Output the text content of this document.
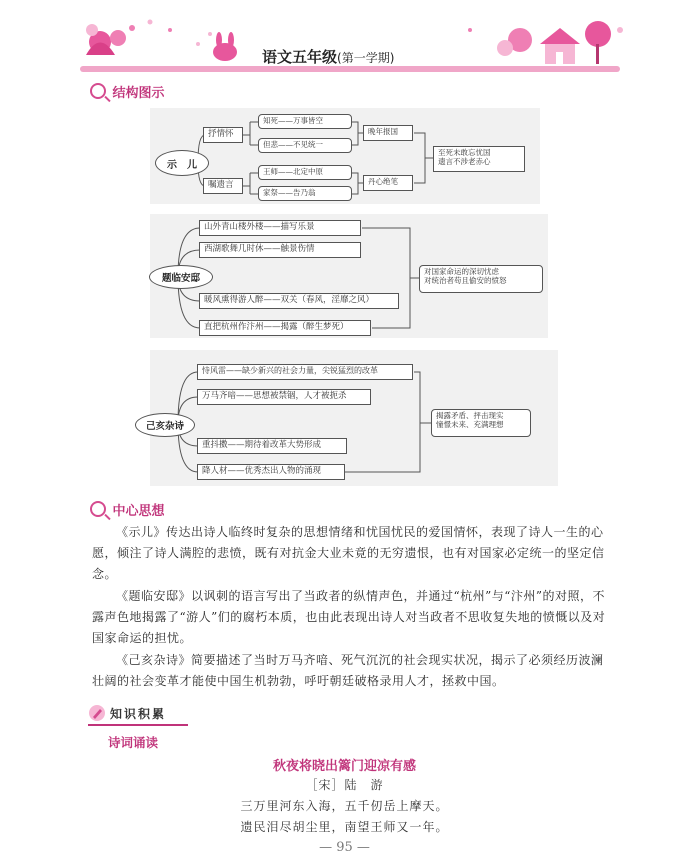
语文五年级(第一学期)
结构图示
示　儿
抒情怀
嘱遗言
知死——万事皆空
但悲——不见统一
王师——北定中原
家祭——告乃翁
晚年报国
丹心绝笔
至死未敢忘忧国
遗言不涉老赤心
题临安邸
山外青山楼外楼——描写乐景
西湖歌舞几时休——触景伤情
暖风熏得游人醉——双关（春风，淫靡之风）
直把杭州作汴州——揭露（醉生梦死）
对国家命运的深切忧虑
对统治者苟且偷安的愤怒
己亥杂诗
恃风雷——缺少新兴的社会力量，尖锐猛烈的改革
万马齐喑——思想被禁锢，人才被扼杀
重抖擞——期待着改革大势形成
降人材——优秀杰出人物的涌现
揭露矛盾、抨击现实
憧憬未来、充满理想
中心思想

《示儿》传达出诗人临终时复杂的思想情绪和忧国忧民的爱国情怀，表现了诗人一生的心愿，倾注了诗人满腔的悲愤，既有对抗金大业未竟的无穷遗恨，也有对国家必定统一的坚定信念。

《题临安邸》以讽刺的语言写出了当政者的纵情声色，并通过“杭州”与“汴州”的对照，不露声色地揭露了“游人”们的腐朽本质，也由此表现出诗人对当政者不思收复失地的愤慨以及对国家命运的担忧。

《己亥杂诗》简要描述了当时万马齐喑、死气沉沉的社会现实状况，揭示了必须经历波澜壮阔的社会变革才能使中国生机勃勃，呼吁朝廷破格录用人才，拯救中国。

知识积累
诗词诵读
秋夜将晓出篱门迎凉有感
［宋］陆　游
三万里河东入海，五千仞岳上摩天。
遗民泪尽胡尘里，南望王师又一年。
— 95 —
